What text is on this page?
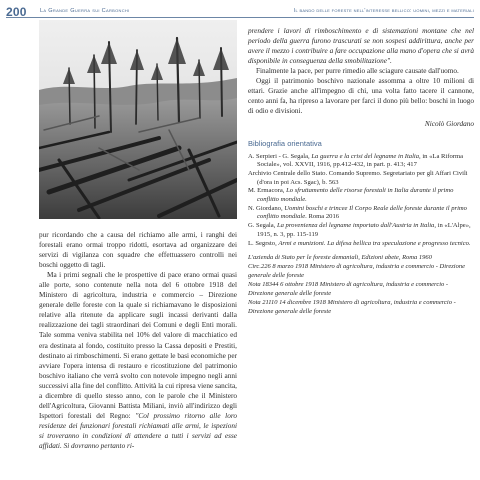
200 La Grande Guerra sui Carbonchi	Il bando delle foreste nell'interesse bellico: uomini, mezzi e materiali

pur ricordando che a causa del richiamo alle armi, i ranghi dei forestali erano ormai troppo ridotti, esortava ad organizzare dei servizi di vigilanza con squadre che effettuassero controlli nei boschi oggetto di tagli.

Ma i primi segnali che le prospettive di pace erano ormai quasi alle porte, sono contenute nella nota del 6 ottobre 1918 del Ministero di agricoltura, industria e commercio – Direzione generale delle foreste con la quale si richiamavano le disposizioni relative alla ritenute da applicare sugli incassi derivanti dalla realizzazione dei tagli straordinari dei Comuni e degli Enti morali. Tale somma veniva stabilita nel 10% del valore di macchiatico ed era destinata al fondo, costituito presso la Cassa depositi e Prestiti, destinato ai rimboschimenti. Si erano gettate le basi economiche per avviare l'opera intensa di restauro e ricostituzione del patrimonio boschivo italiano che verrà svolto con notevole impegno negli anni successivi alla fine del conflitto. Attività la cui ripresa viene sancita, a dicembre di quello stesso anno, con le parole che il Ministero dell'Agricoltura, Giovanni Battista Miliani, inviò all'indirizzo degli Ispettori forestali del Regno: "Col prossimo ritorno alle loro residenze dei funzionari forestali richiamati alle armi, le ispezioni si troveranno in condizioni di attendere a tutti i servizi ad esse affidati. Si dovranno pertanto ri-

prendere i lavori di rimboschimento e di sistemazioni montane che nel periodo della guerra furono trascurati se non sospesi addirittura, anche per avere il mezzo i contribuire a fare occupazione alla mano d'opera che si avrà disponibile in conseguenza della smobilitazione".

Finalmente la pace, per purre rimedio alle sciagure causate dall'uomo.

Oggi il patrimonio boschivo nazionale assomma a oltre 10 milioni di ettari. Grazie anche all'impegno di chi, una volta fatto tacere il cannone, cento anni fa, ha ripreso a lavorare per farci il dono più bello: boschi in luogo di odio e divisioni.

Nicolò Giordano

Bibliografia orientativa

A. Serpieri - G. Segala, La guerra e la crisi del legname in Italia, in «La Riforma Sociale», vol. XXVII, 1916, pp.412-432, in part. p. 413; 417

Archivio Centrale dello Stato. Comando Supremo. Segretariato per gli Affari Civili (d'ora in poi Acs. Sgac), b. 563

M. Ermacora, Lo sfruttamento delle risorse forestali in Italia durante il primo conflitto mondiale.

N. Giordano, Uomini boschi e trincee Il Corpo Reale delle foreste durante il primo conflitto mondiale. Roma 2016

G. Segala, La provenienza del legname importato dall'Austria in Italia, in «L'Alpe», 1915, n. 3, pp. 115-119

L. Segrsto, Armi e munizioni. La difesa bellica tra speculazione e progresso tecnico.

L'azienda di Stato per le foreste demaniali, Edizioni abete, Roma 1960
Circ.226 8 marzo 1918 Ministero di agricoltura, industria e commercio - Direzione generale delle foreste
Nota 18344 6 ottobre 1918 Ministero di agricoltura, industria e commercio - Direzione generale delle foreste
Nota 21110 14 dicembre 1918 Ministero di agricoltura, industria e commercio - Direzione generale delle foreste
